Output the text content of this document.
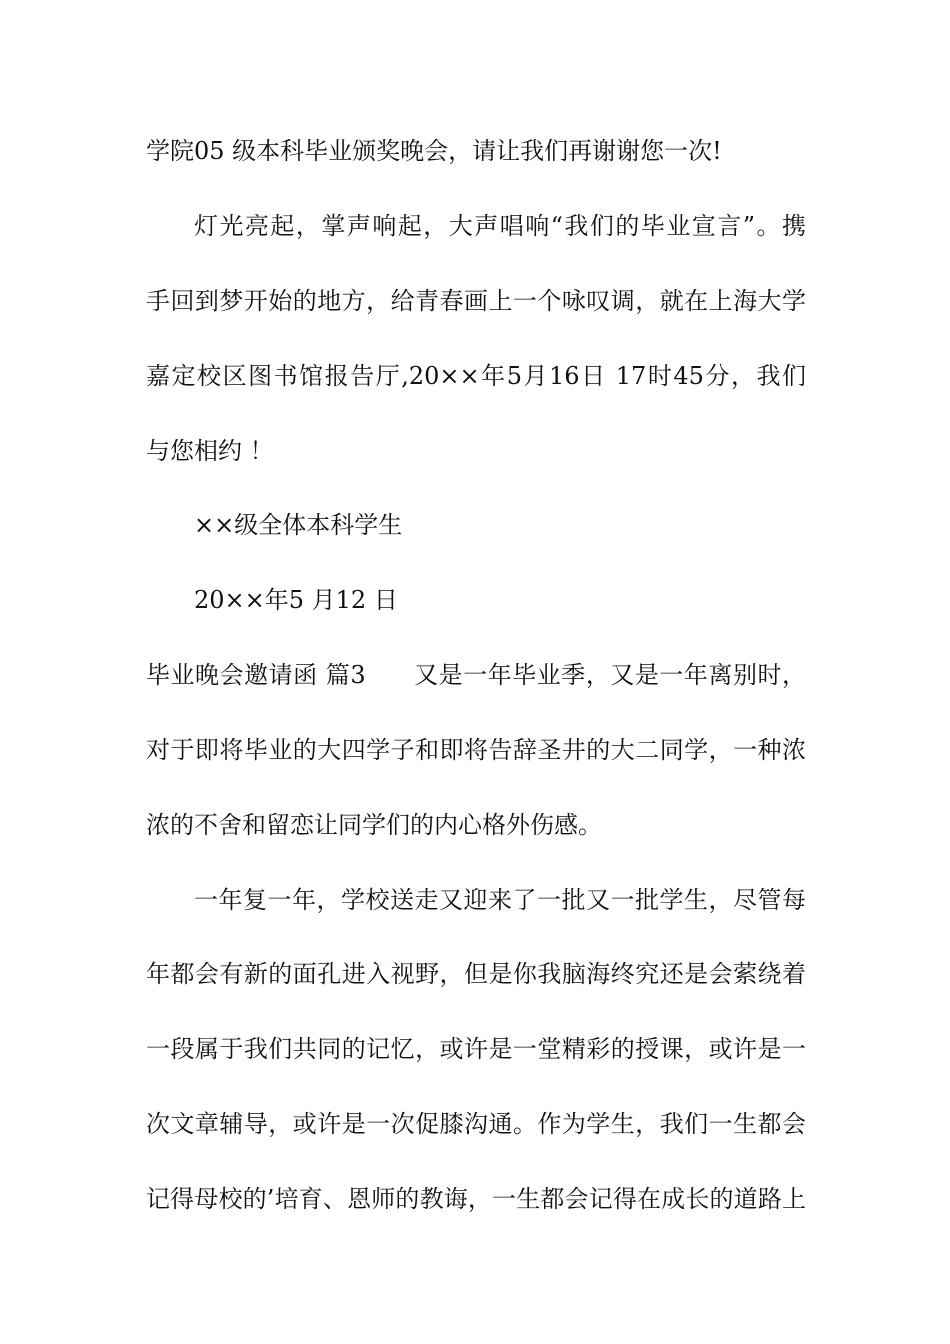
学院05 级本科毕业颁奖晚会，请让我们再谢谢您一次!
灯光亮起，掌声响起，大声唱响“我们的毕业宣言”。携
手回到梦开始的地方，给青春画上一个咏叹调，就在上海大学
嘉定校区图书馆报告厅,20××年5月16日 17时45分，我们
与您相约 ！
××级全体本科学生
20××年5 月12 日
毕业晚会邀请函 篇3 又是一年毕业季，又是一年离别时，
对于即将毕业的大四学子和即将告辞圣井的大二同学，一种浓
浓的不舍和留恋让同学们的内心格外伤感。
一年复一年，学校送走又迎来了一批又一批学生，尽管每
年都会有新的面孔进入视野，但是你我脑海终究还是会萦绕着
一段属于我们共同的记忆，或许是一堂精彩的授课，或许是一
次文章辅导，或许是一次促膝沟通。作为学生，我们一生都会
记得母校的’培育、恩师的教诲，一生都会记得在成长的道路上
